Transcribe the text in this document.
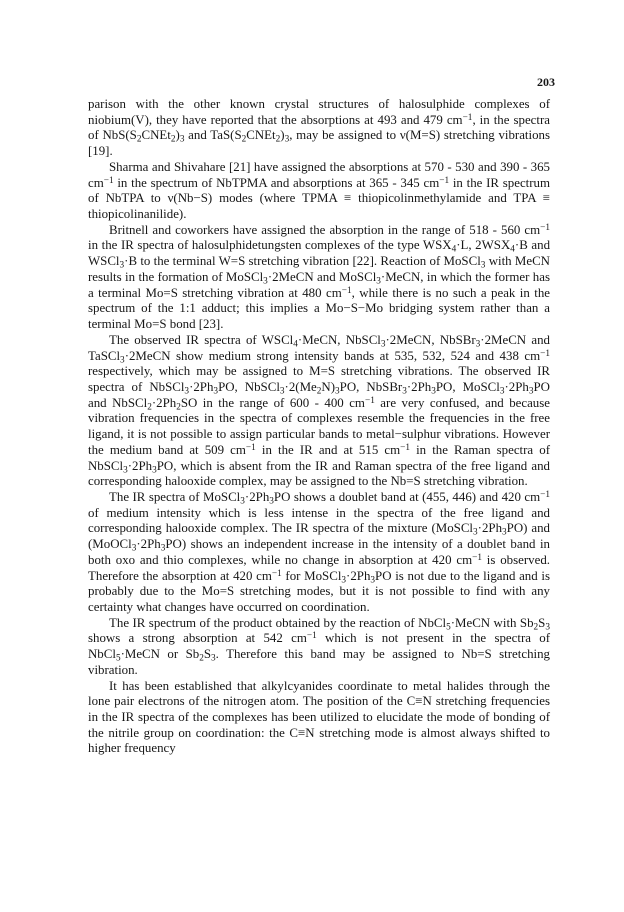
203

parison with the other known crystal structures of halosulphide complexes of niobium(V), they have reported that the absorptions at 493 and 479 $cm^{-1}$, in the spectra of $NbS(S_2CNEt_2)_3$ and $TaS(S_2CNEt_2)_3$, may be assigned to ν(M=S) stretching vibrations [19].

Sharma and Shivahare [21] have assigned the absorptions at 570 - 530 and 390 - 365 $cm^{-1}$ in the spectrum of NbTPMA and absorptions at 365 - 345 $cm^{-1}$ in the IR spectrum of NbTPA to ν(Nb−S) modes (where TPMA ≡ thiopicolinmethylamide and TPA ≡ thiopicolinanilide).

Britnell and coworkers have assigned the absorption in the range of 518 - 560 $cm^{-1}$ in the IR spectra of halosulphidetungsten complexes of the type $WSX_4\cdot L$, $2WSX_4\cdot B$ and WSCl$_3$·B to the terminal W=S stretching vibration [22]. Reaction of MoSCl$_3$ with MeCN results in the formation of MoSCl$_3$·2MeCN and MoSCl$_3$·MeCN, in which the former has a terminal Mo=S stretching vibration at 480 $cm^{-1}$, while there is no such a peak in the spectrum of the 1:1 adduct; this implies a Mo−S−Mo bridging system rather than a terminal Mo=S bond [23].

The observed IR spectra of WSCl$_4$·MeCN, NbSCl$_3$·2MeCN, NbSBr$_3$·2MeCN and TaSCl$_3$·2MeCN show medium strong intensity bands at 535, 532, 524 and 438 $cm^{-1}$ respectively, which may be assigned to M=S stretching vibrations. The observed IR spectra of $NbSCl_3\cdot 2Ph_3PO$, $NbSCl_3\cdot 2(Me_2N)_3PO$, $NbSBr_3\cdot 2Ph_3PO$, $MoSCl_3\cdot 2Ph_3PO$ and $NbSCl_2\cdot 2Ph_2SO$ in the range of 600 - 400 $cm^{-1}$ are very confused, and because vibration frequencies in the spectra of complexes resemble the frequencies in the free ligand, it is not possible to assign particular bands to metal−sulphur vibrations. However the medium band at 509 $cm^{-1}$ in the IR and at 515 $cm^{-1}$ in the Raman spectra of $NbSCl_3\cdot 2Ph_3PO$, which is absent from the IR and Raman spectra of the free ligand and corresponding halooxide complex, may be assigned to the Nb=S stretching vibration.

The IR spectra of $MoSCl_3\cdot 2Ph_3PO$ shows a doublet band at (455, 446) and 420 $cm^{-1}$ of medium intensity which is less intense in the spectra of the free ligand and corresponding halooxide complex. The IR spectra of the mixture $(MoSCl_3\cdot 2Ph_3PO)$ and $(MoOCl_3\cdot 2Ph_3PO)$ shows an independent increase in the intensity of a doublet band in both oxo and thio complexes, while no change in absorption at 420 $cm^{-1}$ is observed. Therefore the absorption at 420 $cm^{-1}$ for $MoSCl_3\cdot 2Ph_3PO$ is not due to the ligand and is probably due to the Mo=S stretching modes, but it is not possible to find with any certainty what changes have occurred on coordination.

The IR spectrum of the product obtained by the reaction of NbCl$_5$·MeCN with $Sb_2S_3$ shows a strong absorption at 542 $cm^{-1}$ which is not present in the spectra of NbCl$_5$·MeCN or $Sb_2S_3$. Therefore this band may be assigned to Nb=S stretching vibration.

It has been established that alkylcyanides coordinate to metal halides through the lone pair electrons of the nitrogen atom. The position of the C≡N stretching frequencies in the IR spectra of the complexes has been utilized to elucidate the mode of bonding of the nitrile group on coordination: the C≡N stretching mode is almost always shifted to higher frequency
